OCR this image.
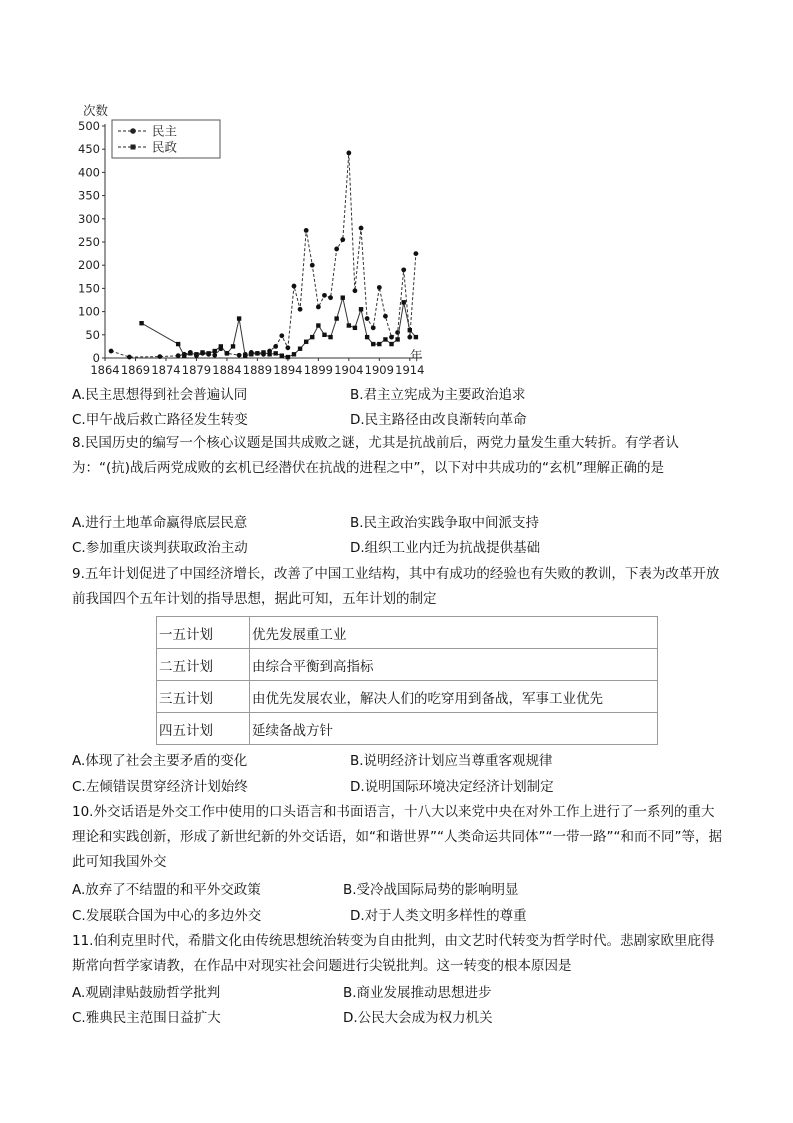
0
50
100
150
200
250
300
350
400
450
500
1864 1869 1874 1879 1884 1889 1894 1899 1904 1909 1914
民主
民政
次数
年
A.民主思想得到社会普遍认同	B.君主立宪成为主要政治追求
C.甲午战后救亡路径发生转变	D.民主路径由改良渐转向革命
8.民国历史的编写一个核心议题是国共成败之谜，尤其是抗战前后，两党力量发生重大转折。有学者认为：“(抗)战后两党成败的玄机已经潜伏在抗战的进程之中”，以下对中共成功的“玄机”理解正确的是
A.进行土地革命赢得底层民意	B.民主政治实践争取中间派支持
C.参加重庆谈判获取政治主动	D.组织工业内迁为抗战提供基础
9.五年计划促进了中国经济增长，改善了中国工业结构，其中有成功的经验也有失败的教训，下表为改革开放前我国四个五年计划的指导思想，据此可知，五年计划的制定
一五计划	优先发展重工业
二五计划	由综合平衡到高指标
三五计划	由优先发展农业，解决人们的吃穿用到备战，军事工业优先
四五计划	延续备战方针
A.体现了社会主要矛盾的变化	B.说明经济计划应当尊重客观规律
C.左倾错误贯穿经济计划始终	D.说明国际环境决定经济计划制定
10.外交话语是外交工作中使用的口头语言和书面语言，十八大以来党中央在对外工作上进行了一系列的重大理论和实践创新，形成了新世纪新的外交话语，如“和谐世界”“人类命运共同体”“一带一路”“和而不同”等，据此可知我国外交
A.放弃了不结盟的和平外交政策	B.受冷战国际局势的影响明显
C.发展联合国为中心的多边外交	D.对于人类文明多样性的尊重
11.伯利克里时代，希腊文化由传统思想统治转变为自由批判，由文艺时代转变为哲学时代。悲剧家欧里庇得斯常向哲学家请教，在作品中对现实社会问题进行尖锐批判。这一转变的根本原因是
A.观剧津贴鼓励哲学批判	B.商业发展推动思想进步
C.雅典民主范围日益扩大	D.公民大会成为权力机关
